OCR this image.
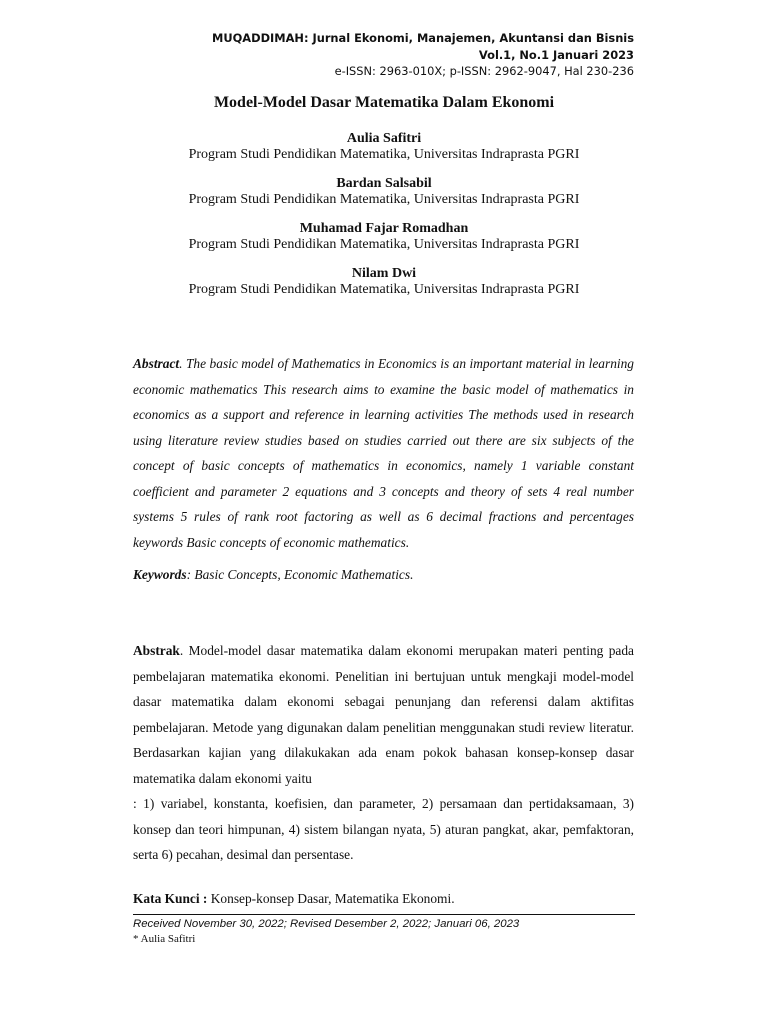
MUQADDIMAH: Jurnal Ekonomi, Manajemen, Akuntansi dan Bisnis
Vol.1, No.1 Januari 2023
e-ISSN: 2963-010X; p-ISSN: 2962-9047, Hal 230-236
Model-Model Dasar Matematika Dalam Ekonomi
Aulia Safitri
Program Studi Pendidikan Matematika, Universitas Indraprasta PGRI
Bardan Salsabil
Program Studi Pendidikan Matematika, Universitas Indraprasta PGRI
Muhamad Fajar Romadhan
Program Studi Pendidikan Matematika, Universitas Indraprasta PGRI
Nilam Dwi
Program Studi Pendidikan Matematika, Universitas Indraprasta PGRI
Abstract. The basic model of Mathematics in Economics is an important material in learning economic mathematics This research aims to examine the basic model of mathematics in economics as a support and reference in learning activities The methods used in research using literature review studies based on studies carried out there are six subjects of the concept of basic concepts of mathematics in economics, namely 1 variable constant coefficient and parameter 2 equations and 3 concepts and theory of sets 4 real number systems 5 rules of rank root factoring as well as 6 decimal fractions and percentages keywords Basic concepts of economic mathematics.
Keywords: Basic Concepts, Economic Mathematics.

Abstrak. Model-model dasar matematika dalam ekonomi merupakan materi penting pada pembelajaran matematika ekonomi. Penelitian ini bertujuan untuk mengkaji model-model dasar matematika dalam ekonomi sebagai penunjang dan referensi dalam aktifitas pembelajaran. Metode yang digunakan dalam penelitian menggunakan studi review literatur. Berdasarkan kajian yang dilakukakan ada enam pokok bahasan konsep-konsep dasar matematika dalam ekonomi yaitu

: 1) variabel, konstanta, koefisien, dan parameter, 2) persamaan dan pertidaksamaan, 3) konsep dan teori himpunan, 4) sistem bilangan nyata, 5) aturan pangkat, akar, pemfaktoran, serta 6) pecahan, desimal dan persentase.

Kata Kunci : Konsep-konsep Dasar, Matematika Ekonomi.
Received November 30, 2022; Revised Desember 2, 2022; Januari 06, 2023
* Aulia Safitri
